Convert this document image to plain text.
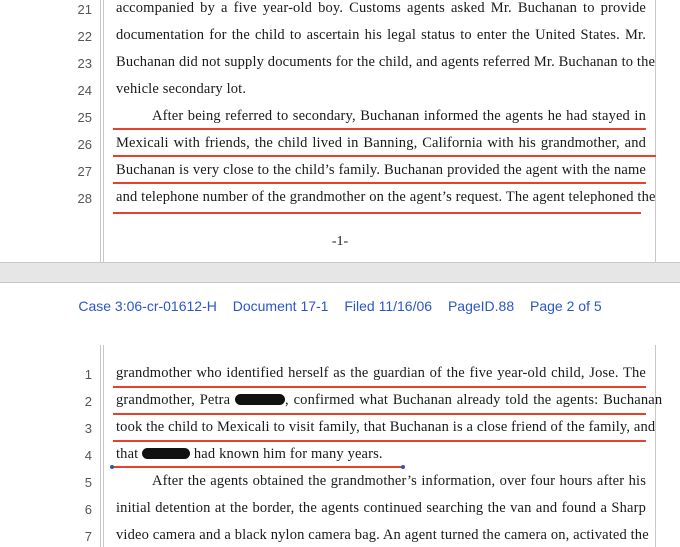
21 accompanied by a five year-old boy. Customs agents asked Mr. Buchanan to provide
22 documentation for the child to ascertain his legal status to enter the United States. Mr.
23 Buchanan did not supply documents for the child, and agents referred Mr. Buchanan to the
24 vehicle secondary lot.
25	After being referred to secondary, Buchanan informed the agents he had stayed in
26 Mexicali with friends, the child lived in Banning, California with his grandmother, and
27 Buchanan is very close to the child’s family. Buchanan provided the agent with the name
28 and telephone number of the grandmother on the agent’s request. The agent telephoned the
-1-
Case 3:06-cr-01612-H Document 17-1 Filed 11/16/06 PageID.88 Page 2 of 5
1 grandmother who identified herself as the guardian of the five year-old child, Jose. The
2 grandmother, Petra	, confirmed what Buchanan already told the agents: Buchanan
3 took the child to Mexicali to visit family, that Buchanan is a close friend of the family, and
4 that	had known him for many years.
5	After the agents obtained the grandmother’s information, over four hours after his
6 initial detention at the border, the agents continued searching the van and found a Sharp
7 video camera and a black nylon camera bag. An agent turned the camera on, activated the
